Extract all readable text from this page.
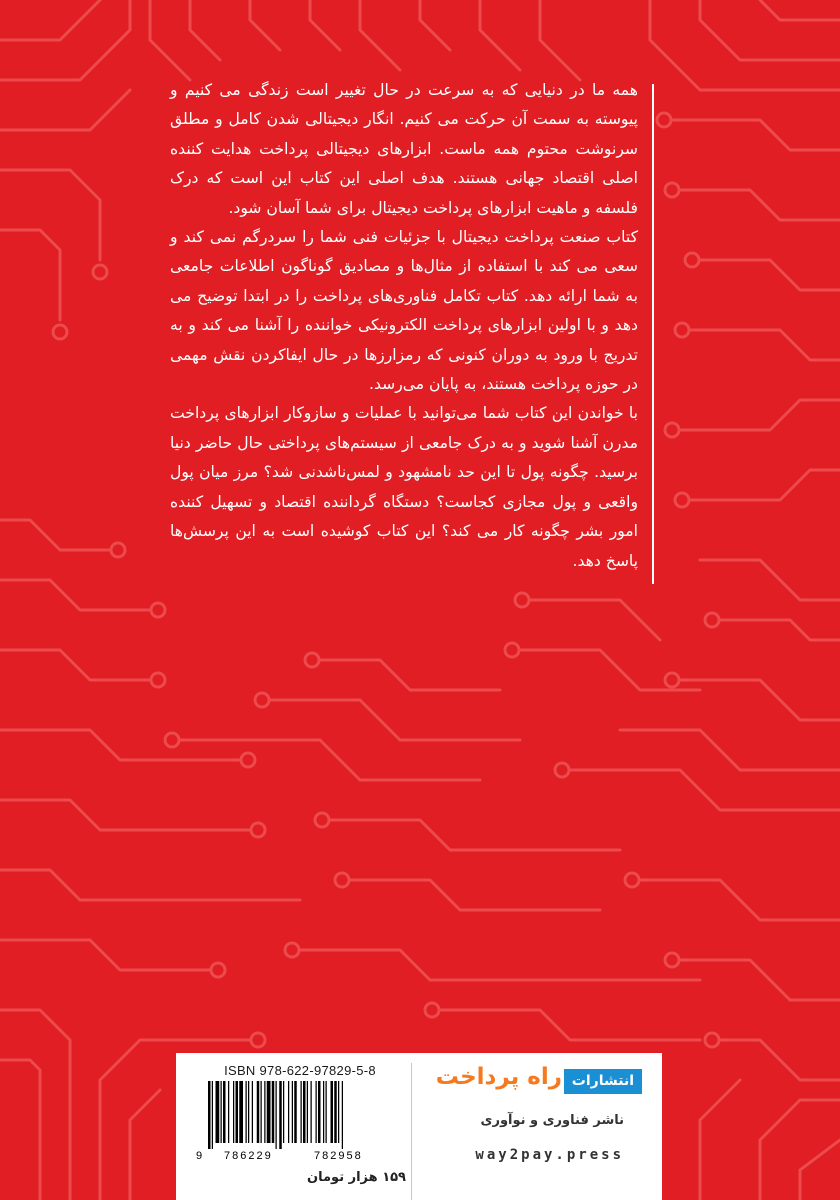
همه ما در دنیایی که به سرعت در حال تغییر است زندگی می کنیم و پیوسته به سمت آن حرکت می کنیم. انگار دیجیتالی شدن کامل و مطلق سرنوشت محتوم همه ماست. ابزارهای دیجیتالی پرداخت هدایت کننده اصلی اقتصاد جهانی هستند. هدف اصلی این کتاب این است که درک فلسفه و ماهیت ابزارهای پرداخت دیجیتال برای شما آسان شود.

کتاب صنعت پرداخت دیجیتال با جزئیات فنی شما را سردرگم نمی کند و سعی می کند با استفاده از مثال‌ها و مصادیق گوناگون اطلاعات جامعی به شما ارائه دهد. کتاب تکامل فناوری‌های پرداخت را در ابتدا توضیح می دهد و با اولین ابزارهای پرداخت الکترونیکی خواننده را آشنا می کند و به تدریج با ورود به دوران کنونی که رمزارزها در حال ایفاکردن نقش مهمی در حوزه پرداخت هستند، به پایان می‌رسد.

با خواندن این کتاب شما می‌توانید با عملیات و سازوکار ابزارهای پرداخت مدرن آشنا شوید و به درک جامعی از سیستم‌های پرداختی حال حاضر دنیا برسید. چگونه پول تا این حد نامشهود و لمس‌ناشدنی شد؟ مرز میان پول واقعی و پول مجازی کجاست؟ دستگاه گرداننده اقتصاد و تسهیل کننده امور بشر چگونه کار می کند؟ این کتاب کوشیده است به این پرسش‌ها پاسخ دهد.

ISBN 978-622-97829-5-8
9 786229	782958
۱۵۹ هزار تومان
انتشارات
راه پرداخت
ناشر فناوری و نوآوری
way2pay.press
